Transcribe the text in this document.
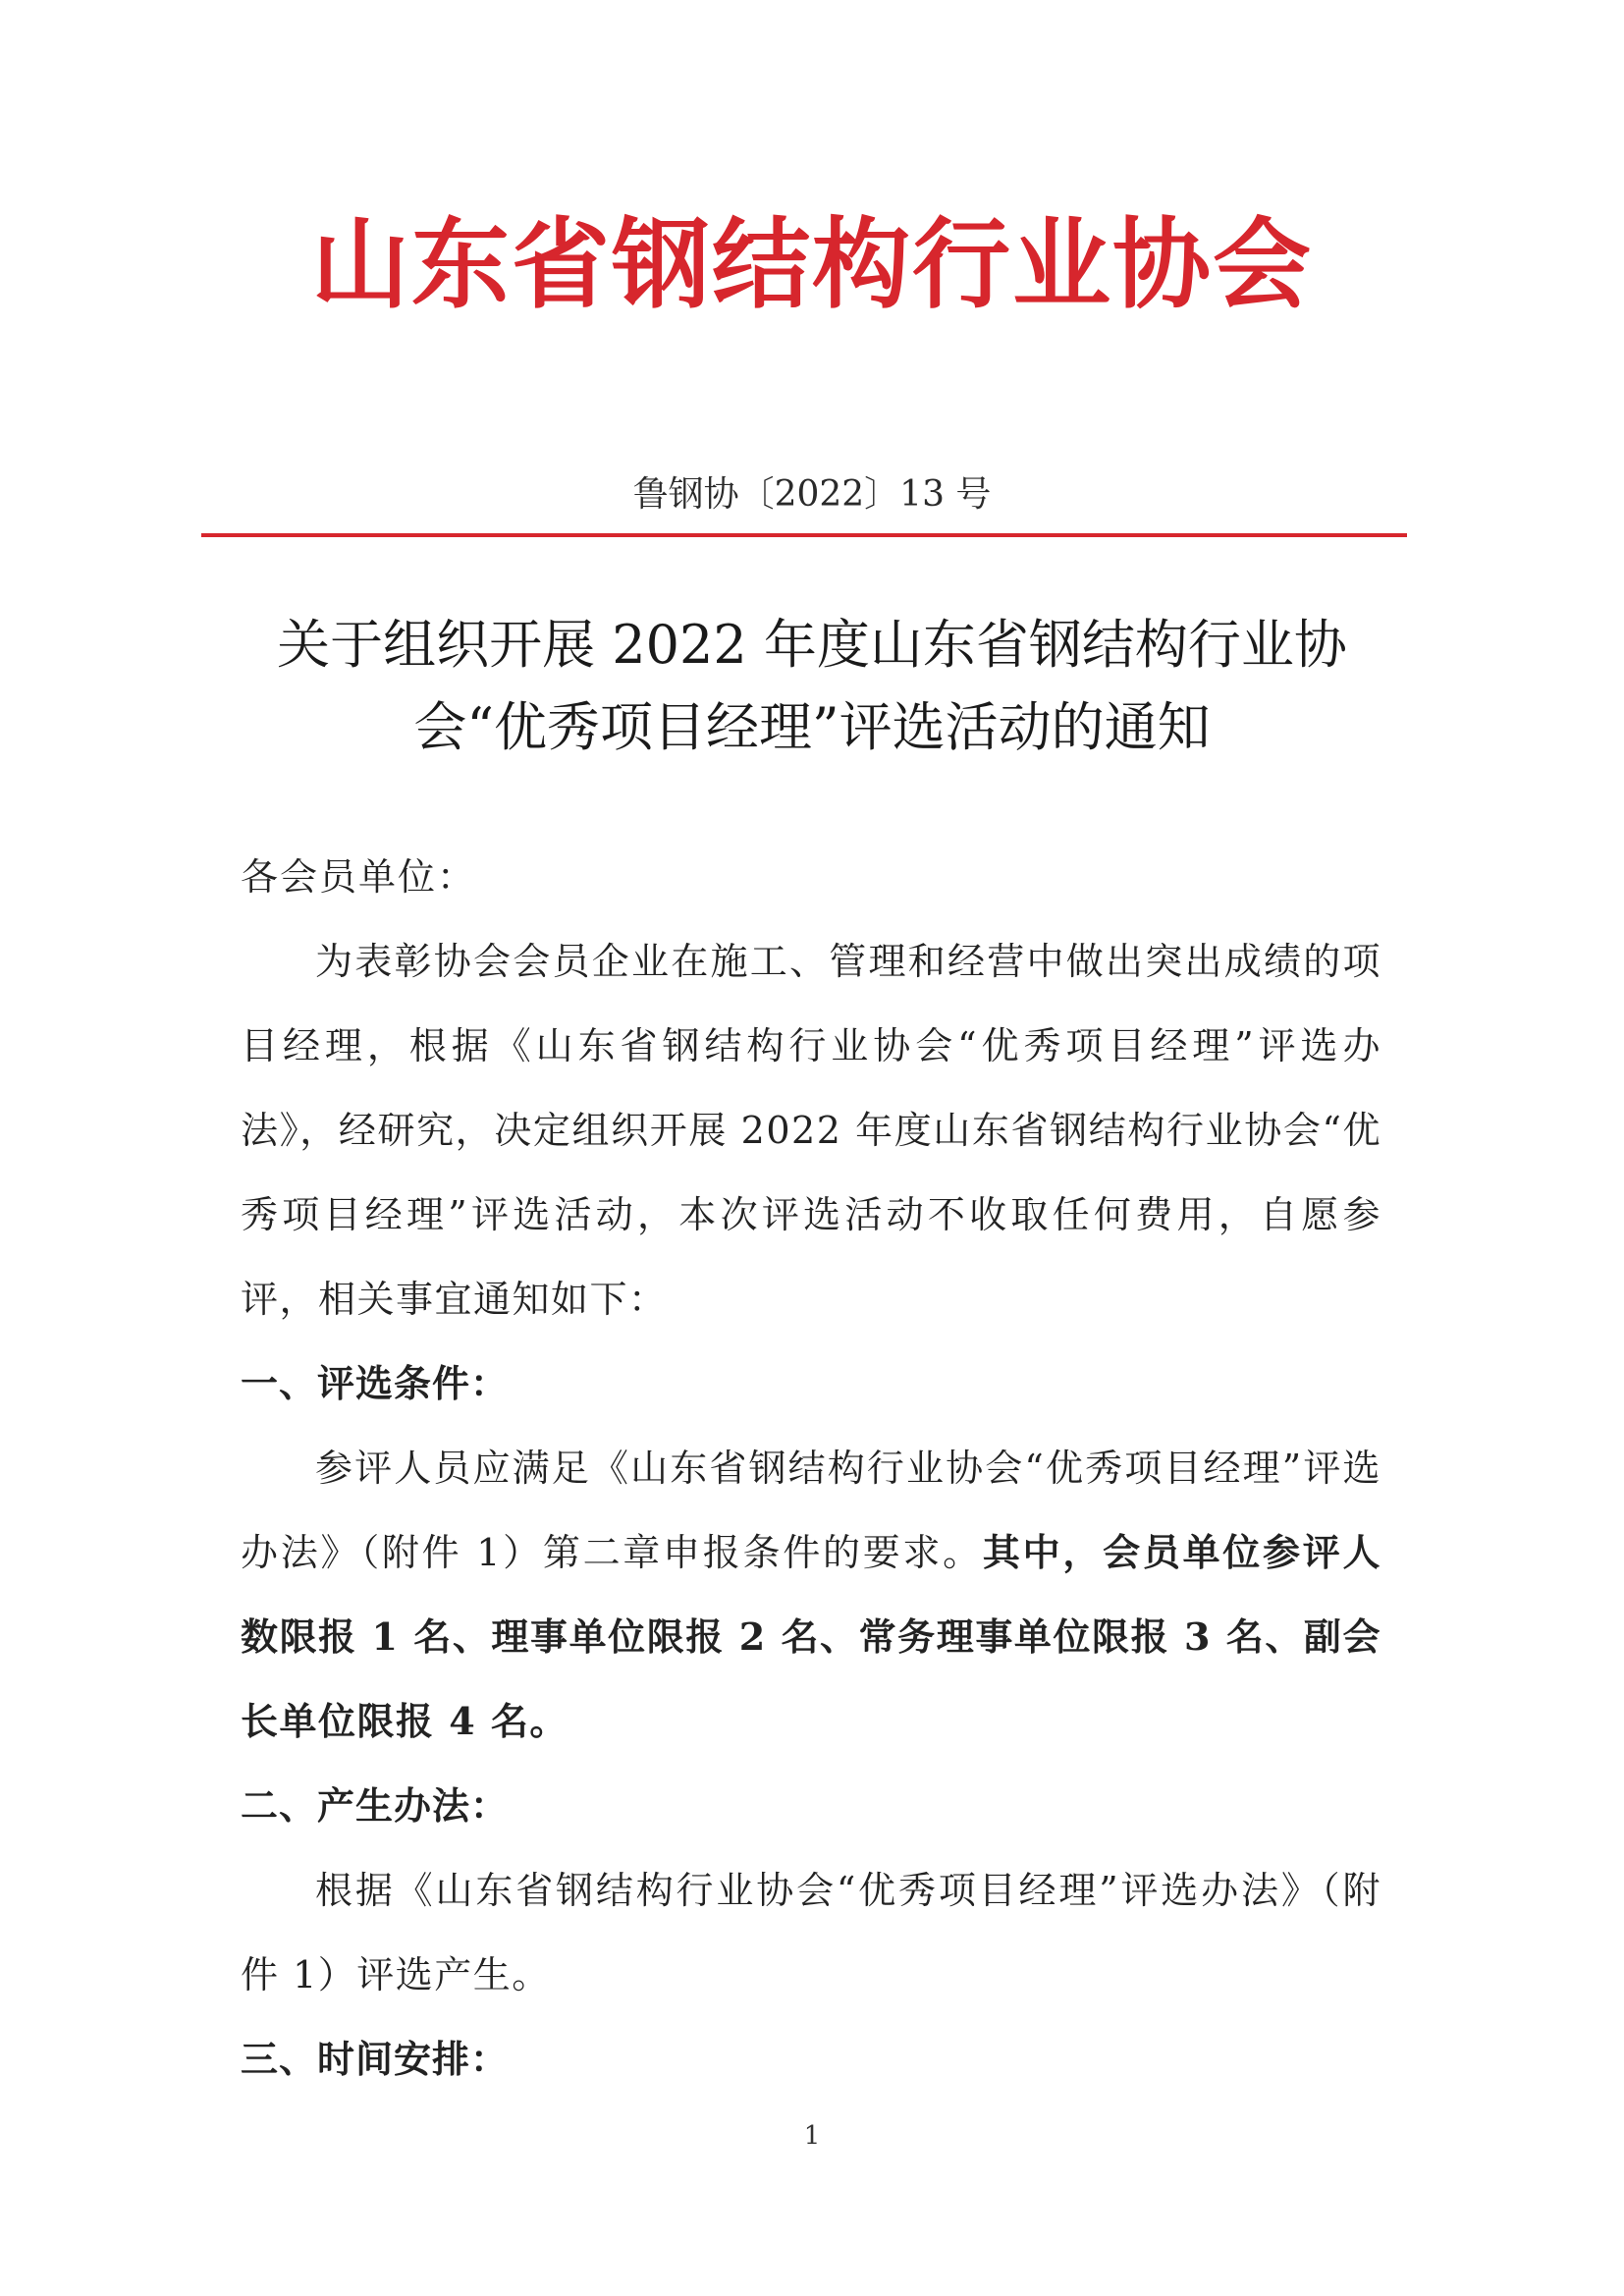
山东省钢结构行业协会
鲁钢协〔2022〕13 号
关于组织开展 2022 年度山东省钢结构行业协
会“优秀项目经理”评选活动的通知

各会员单位：

为表彰协会会员企业在施工、管理和经营中做出突出成绩的项目经理，根据《山东省钢结构行业协会“优秀项目经理”评选办法》，经研究，决定组织开展 2022 年度山东省钢结构行业协会“优秀项目经理”评选活动，本次评选活动不收取任何费用，自愿参评，相关事宜通知如下：

一、评选条件：

参评人员应满足《山东省钢结构行业协会“优秀项目经理”评选办法》（附件 1）第二章申报条件的要求。其中，会员单位参评人数限报 1 名、理事单位限报 2 名、常务理事单位限报 3 名、副会长单位限报 4 名。

二、产生办法：

根据《山东省钢结构行业协会“优秀项目经理”评选办法》（附件 1）评选产生。

三、时间安排：

1
